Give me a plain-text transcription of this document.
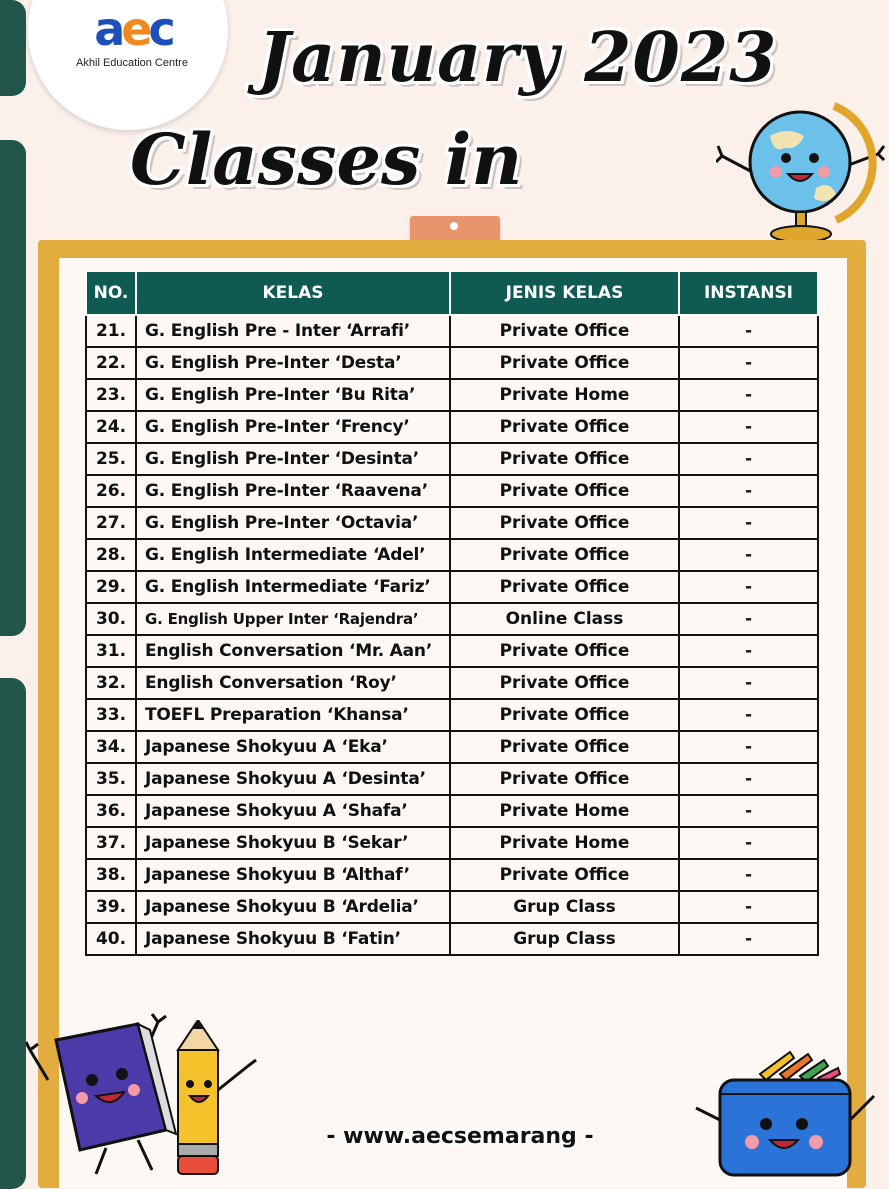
aec
Akhil Education Centre January 2023
Classes in
NO.	KELAS	JENIS KELAS	INSTANSI
21.	G. English Pre - Inter ‘Arrafi’	Private Office	-
22.	G. English Pre-Inter ‘Desta’	Private Office	-
23.	G. English Pre-Inter ‘Bu Rita’	Private Home	-
24.	G. English Pre-Inter ‘Frency’	Private Office	-
25.	G. English Pre-Inter ‘Desinta’	Private Office	-
26.	G. English Pre-Inter ‘Raavena’	Private Office	-
27.	G. English Pre-Inter ‘Octavia’	Private Office	-
28.	G. English Intermediate ‘Adel’	Private Office	-
29.	G. English Intermediate ‘Fariz’	Private Office	-
30.	G. English Upper Inter ‘Rajendra’	Online Class	-
31.	English Conversation ‘Mr. Aan’	Private Office	-
32.	English Conversation ‘Roy’	Private Office	-
33.	TOEFL Preparation ‘Khansa’	Private Office	-
34.	Japanese Shokyuu A ‘Eka’	Private Office	-
35.	Japanese Shokyuu A ‘Desinta’	Private Office	-
36.	Japanese Shokyuu A ‘Shafa’	Private Home	-
37.	Japanese Shokyuu B ‘Sekar’	Private Home	-
38.	Japanese Shokyuu B ‘Althaf’	Private Office	-
39.	Japanese Shokyuu B ‘Ardelia’	Grup Class	-
40.	Japanese Shokyuu B ‘Fatin’	Grup Class	-
- www.aecsemarang -
